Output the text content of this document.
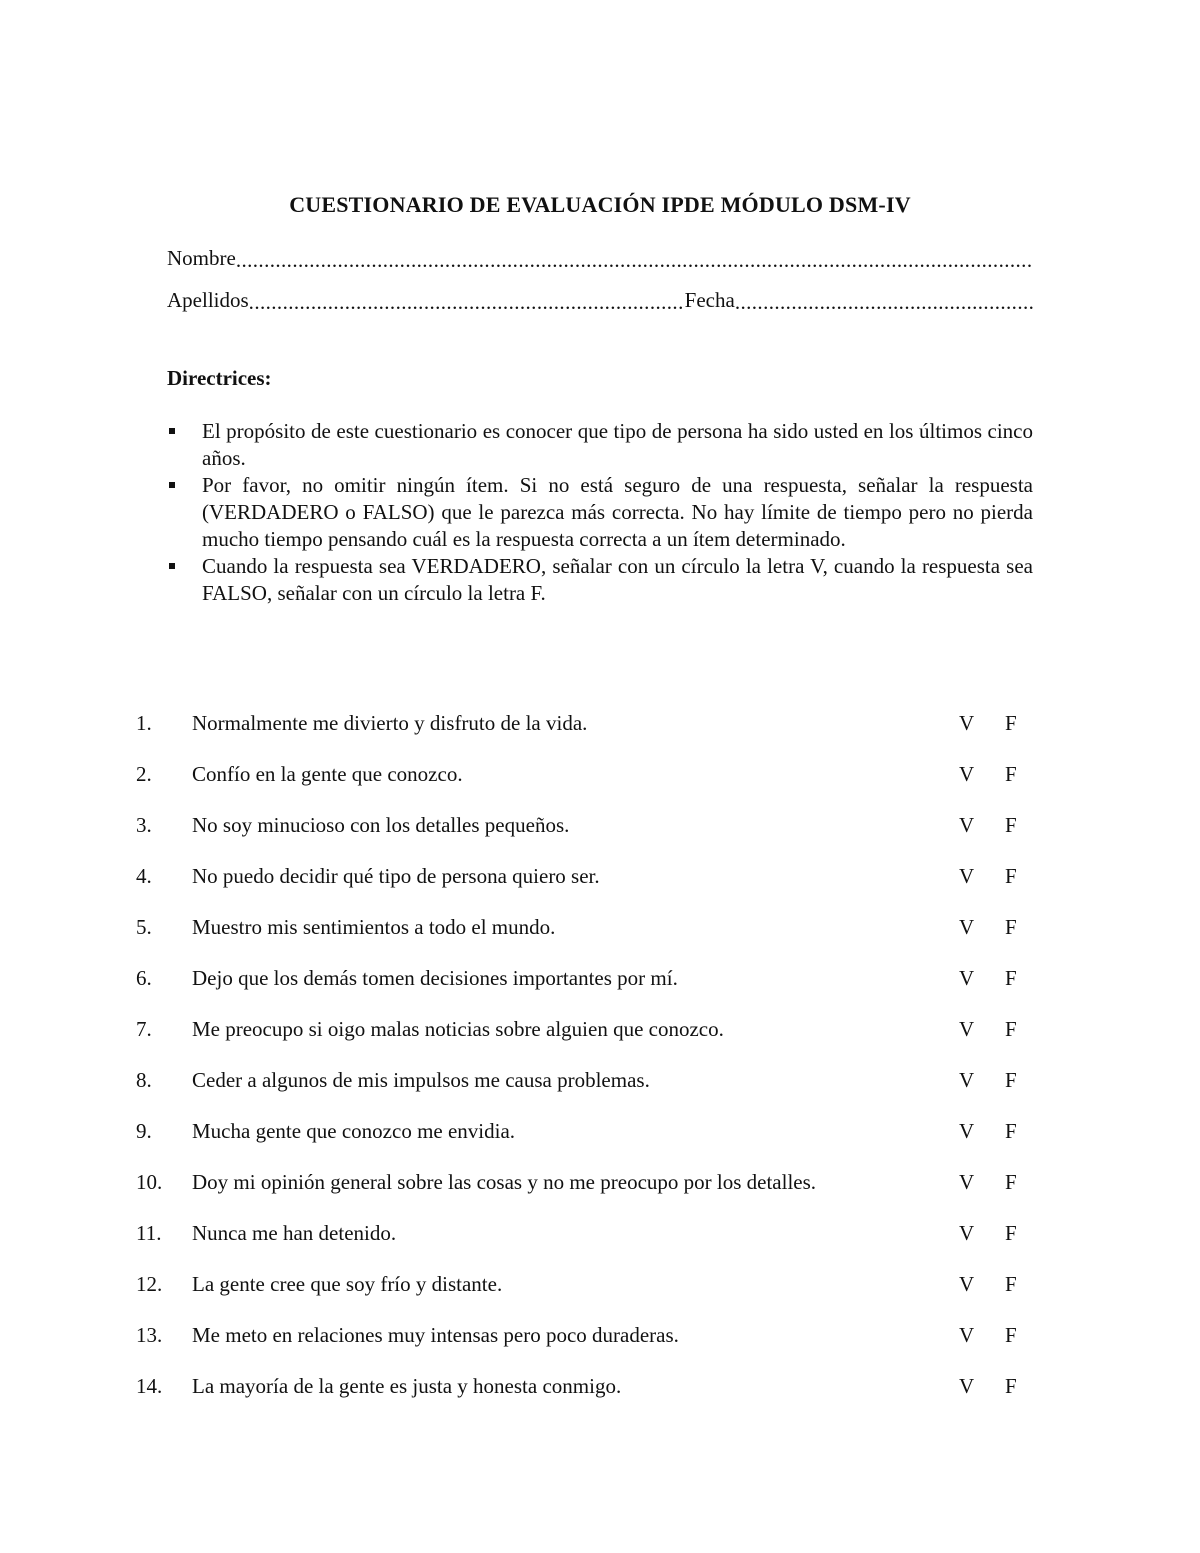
CUESTIONARIO DE EVALUACIÓN IPDE MÓDULO DSM-IV
Nombre
.....
Apellidos
.....	Fecha
.....
Directrices:
El propósito de este cuestionario es conocer que tipo de persona ha sido usted en los últimos cinco años.
Por favor, no omitir ningún ítem. Si no está seguro de una respuesta, señalar la respuesta (VERDADERO o FALSO) que le parezca más correcta. No hay límite de tiempo pero no pierda mucho tiempo pensando cuál es la respuesta correcta a un ítem determinado.
Cuando la respuesta sea VERDADERO, señalar con un círculo la letra V, cuando la respuesta sea FALSO, señalar con un círculo la letra F.
1. Normalmente me divierto y disfruto de la vida.	V F
2. Confío en la gente que conozco.	V F
3. No soy minucioso con los detalles pequeños.	V F
4. No puedo decidir qué tipo de persona quiero ser.	V F
5. Muestro mis sentimientos a todo el mundo.	V F
6. Dejo que los demás tomen decisiones importantes por mí.	V F
7. Me preocupo si oigo malas noticias sobre alguien que conozco.	V F
8. Ceder a algunos de mis impulsos me causa problemas.	V F
9. Mucha gente que conozco me envidia.	V F
10. Doy mi opinión general sobre las cosas y no me preocupo por los detalles.	V F
11. Nunca me han detenido.	V F
12. La gente cree que soy frío y distante.	V F
13. Me meto en relaciones muy intensas pero poco duraderas.	V F
14. La mayoría de la gente es justa y honesta conmigo.	V F
